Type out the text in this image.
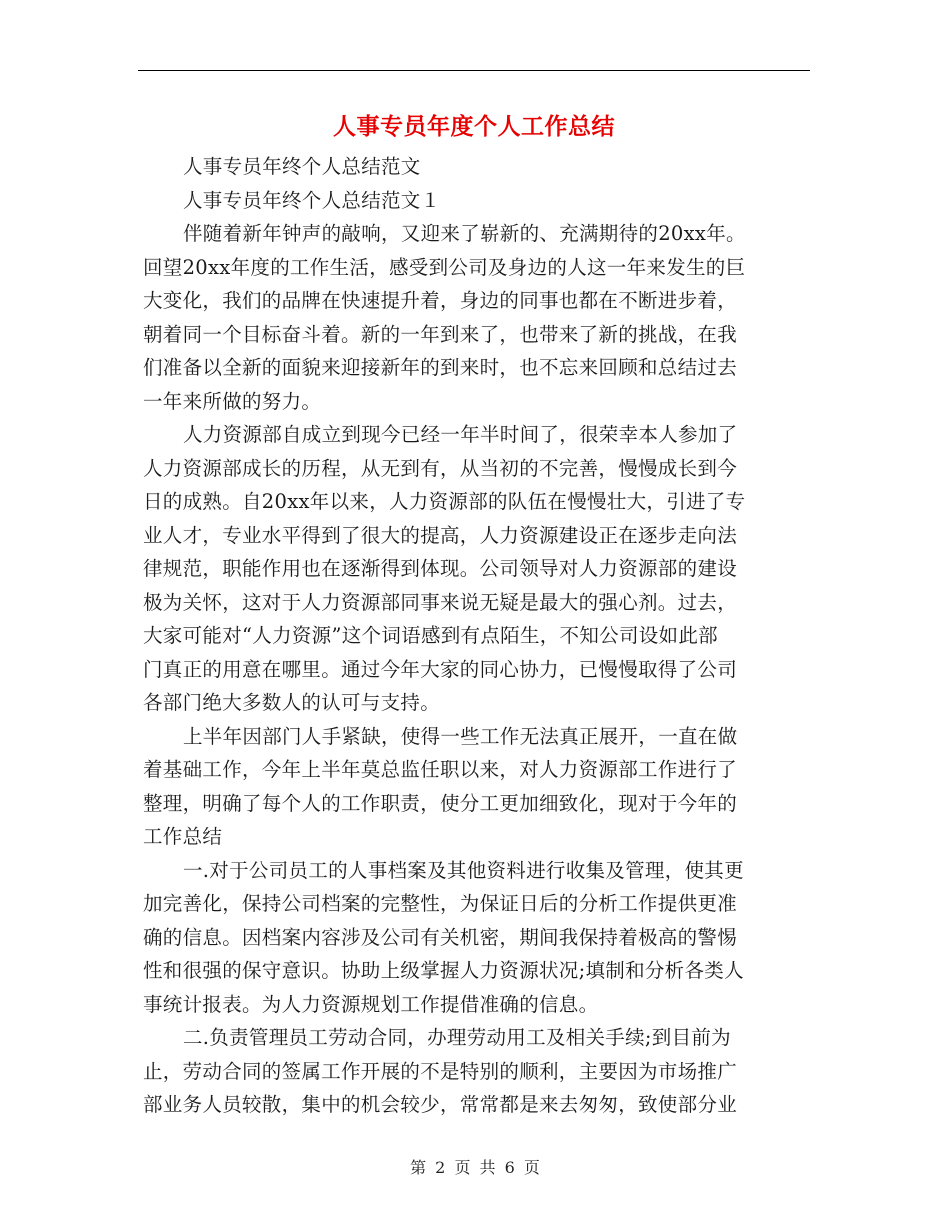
人事专员年度个人工作总结
人事专员年终个人总结范文
人事专员年终个人总结范文１
伴随着新年钟声的敲响，又迎来了崭新的、充满期待的20xx年。
回望20xx年度的工作生活，感受到公司及身边的人这一年来发生的巨
大变化，我们的品牌在快速提升着，身边的同事也都在不断进步着，
朝着同一个目标奋斗着。新的一年到来了，也带来了新的挑战，在我
们准备以全新的面貌来迎接新年的到来时，也不忘来回顾和总结过去
一年来所做的努力。
人力资源部自成立到现今已经一年半时间了，很荣幸本人参加了
人力资源部成长的历程，从无到有，从当初的不完善，慢慢成长到今
日的成熟。自20xx年以来，人力资源部的队伍在慢慢壮大，引进了专
业人才，专业水平得到了很大的提高，人力资源建设正在逐步走向法
律规范，职能作用也在逐渐得到体现。公司领导对人力资源部的建设
极为关怀，这对于人力资源部同事来说无疑是最大的强心剂。过去，
大家可能对“人力资源”这个词语感到有点陌生，不知公司设如此部
门真正的用意在哪里。通过今年大家的同心协力，已慢慢取得了公司
各部门绝大多数人的认可与支持。
上半年因部门人手紧缺，使得一些工作无法真正展开，一直在做
着基础工作，今年上半年莫总监任职以来，对人力资源部工作进行了
整理，明确了每个人的工作职责，使分工更加细致化，现对于今年的
工作总结
一.对于公司员工的人事档案及其他资料进行收集及管理，使其更
加完善化，保持公司档案的完整性，为保证日后的分析工作提供更准
确的信息。因档案内容涉及公司有关机密，期间我保持着极高的警惕
性和很强的保守意识。协助上级掌握人力资源状况;填制和分析各类人
事统计报表。为人力资源规划工作提借准确的信息。
二.负责管理员工劳动合同，办理劳动用工及相关手续;到目前为
止，劳动合同的签属工作开展的不是特别的顺利，主要因为市场推广
部业务人员较散，集中的机会较少，常常都是来去匆匆，致使部分业
第 2 页 共 6 页
